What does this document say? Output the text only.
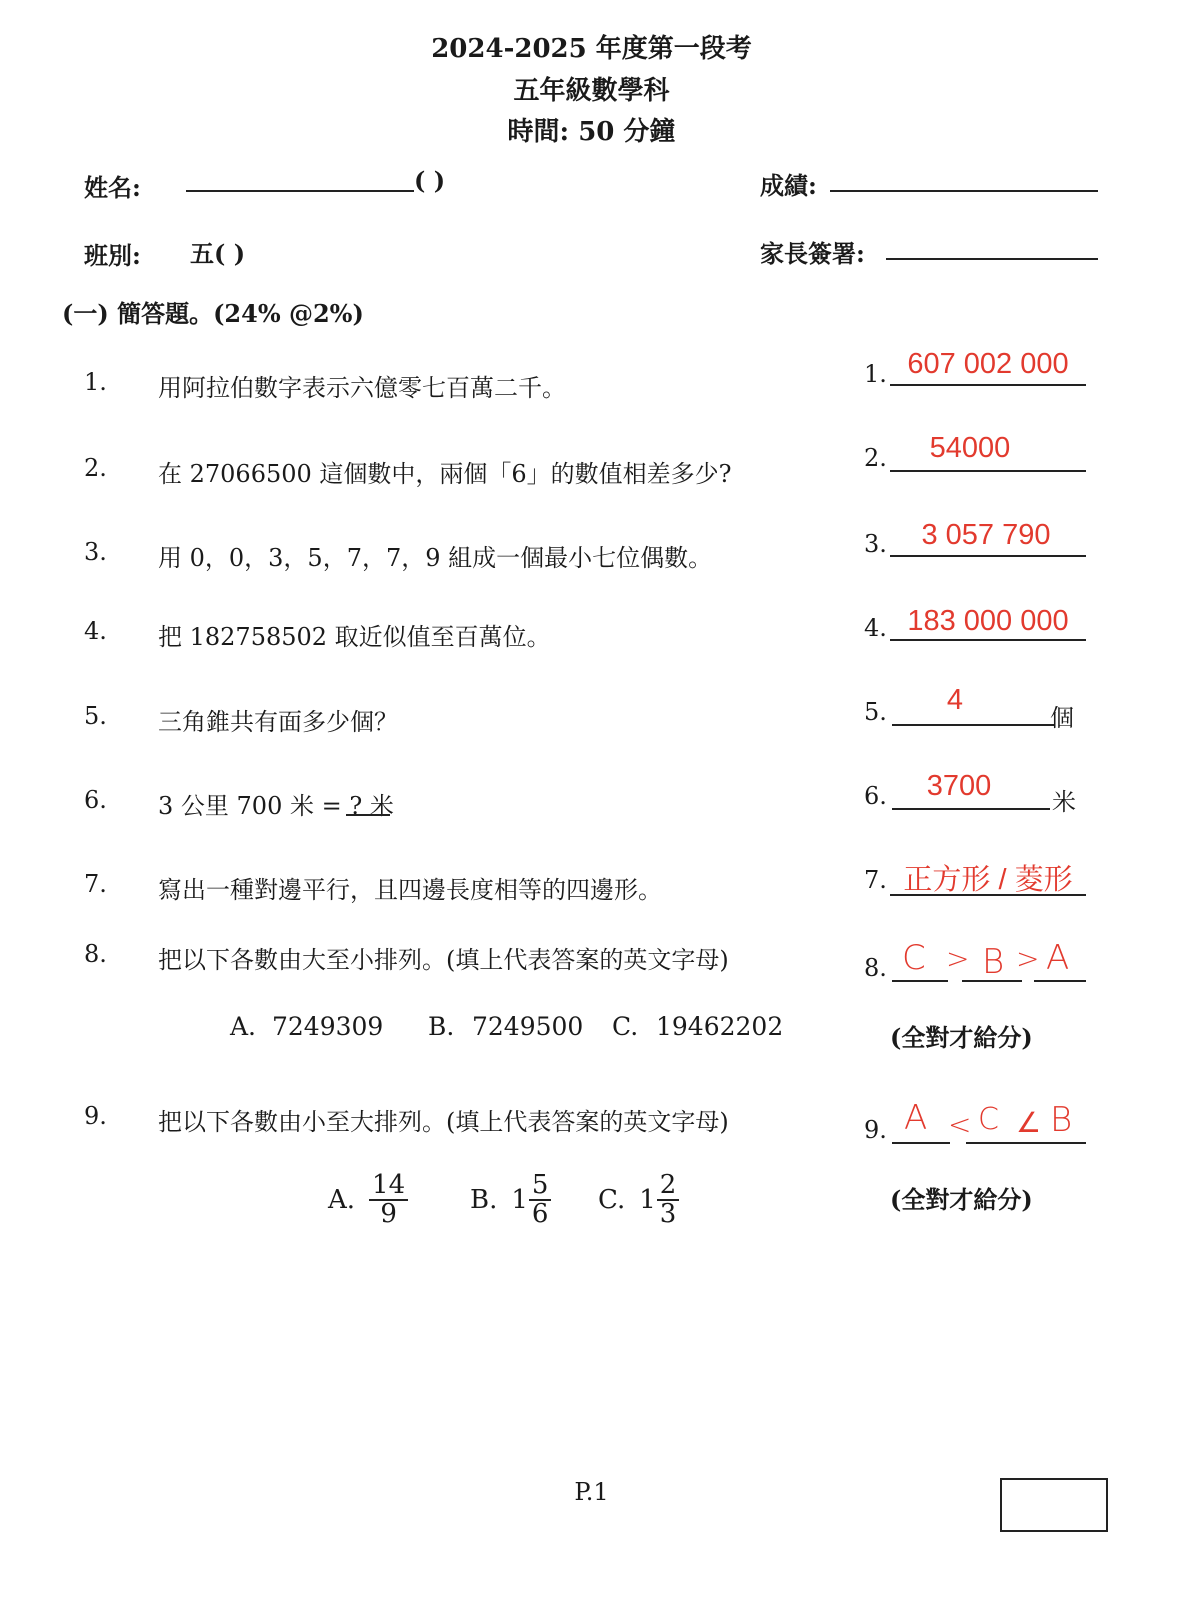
2024-2025 年度第一段考
五年級數學科
時間: 50 分鐘
姓名:	( )	成績:
班別: 五( )	家長簽署:
(一) 簡答題。(24% @2%)
1. 用阿拉伯數字表示六億零七百萬二千。	1. 607 002 000
2. 在 27066500 這個數中，兩個「6」的數值相差多少?
2.	54000
3. 用 0，0，3，5，7，7，9 組成一個最小七位偶數。	3.	3 057 790
4. 把 182758502 取近似值至百萬位。	4. 183 000 000
5. 三角錐共有面多少個？	5.	4
個
6. 3 公里 700 米 = ? 米	6.	3700	米
7. 寫出一種對邊平行，且四邊長度相等的四邊形。	7. 正方形 / 菱形
8. 把以下各數由大至小排列。(填上代表答案的英文字母)	8. C > B > A
A. 7249309 B. 7249500 C. 19462202	(全對才給分)
9. 把以下各數由小至大排列。(填上代表答案的英文字母)	9. A < C ∠ B
A. $\frac{14}{9} B$. $1 \frac{5}{6} C$. $1 \frac{2}{3}$	(全對才給分)
P.1
